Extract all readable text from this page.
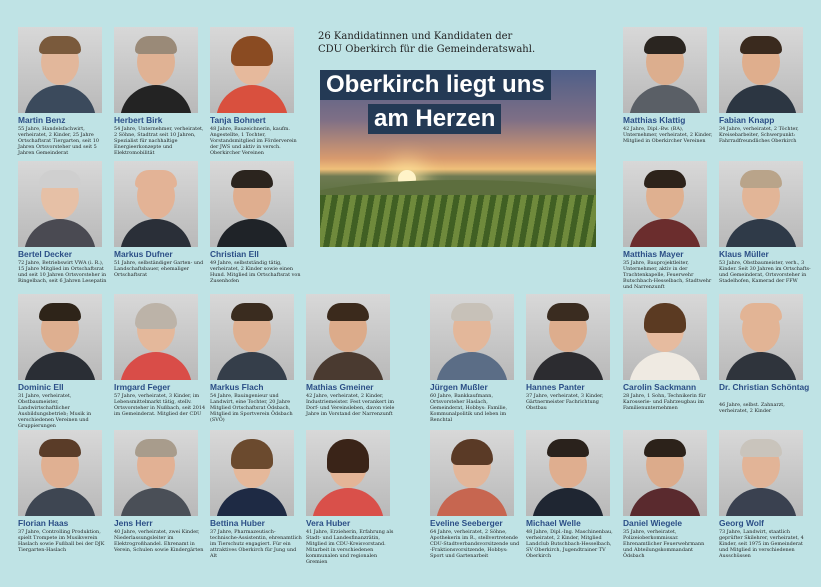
26 Kandidatinnen und Kandidaten der
CDU Oberkirch für die Gemeinderatswahl.
Oberkirch liegt uns
am Herzen
Martin Benz
55 Jahre, Handelsfachwirt, verheiratet, 2 Kinder, 25 Jahre Ortschaftsrat Tiergarten, seit 10 Jahren Ortsvorsteher und seit 5 Jahren Gemeinderat
Herbert Birk
54 Jahre, Unternehmer, verheiratet, 2 Söhne, Stadtrat seit 10 Jahren, Spezialist für nachhaltige Energieerkonzepte und Elektromobilität
Tanja Bohnert
48 Jahre, Bauzeichnerin, kaufm. Angestellte, 1 Tochter, Vorstandsmitglied im Förderverein der JWS und aktiv in versch. Oberkircher Vereinen
Matthias Klattig
42 Jahre, Dipl.-Bw. (BA), Unternehmer, verheiratet, 2 Kinder, Mitglied in Oberkircher Vereinen
Fabian Knapp
34 Jahre, verheiratet, 2 Töchter, Kreisebarbeiter, Schwerpunkt: Fahrradfreundliches Oberkirch
Bertel Decker
72 Jahre, Betriebswirt VWA (i. R.), 15 Jahre Mitglied im Ortschaftsrat und seit 10 Jahren Ortsvorsteher in Ringelbach, seit 6 Jahren Lesepatin
Markus Dufner
51 Jahre, selbständiger Garten- und Landschaftsbauer, ehemaliger Ortschaftsrat
Christian Ell
49 Jahre, selbstständig tätig, verheiratet, 2 Kinder sowie einen Hund. Mitglied im Ortschaftsrat von Zusenhofen
Matthias Mayer
35 Jahre, Bauprojektleiter, Unternehmer, aktiv in der Trachtenkapelle, Feuerwehr Butschbach-Hesselbach, Stadtwehr und Narrenzunft
Klaus Müller
53 Jahre, Obstbaumeister, verh., 3 Kinder. Seit 30 Jahren im Ortschafts- und Gemeinderat, Ortsvorsteher in Stadelhofen, Kamerad der FFW
Dominic Ell
31 Jahre, verheiratet, Obstbaumeister, Landwirtschaftlicher Ausbildungsbetrieb; Musik in verschiedenen Vereinen und Gruppierungen
Irmgard Feger
57 Jahre, verheiratet, 3 Kinder, im Lebensmittelmarkt tätig, stellv. Ortsvorsteher in Nußbach, seit 2014 im Gemeinderat. Mitglied der CDU
Markus Flach
54 Jahre, Bauingenieur und Landwirt, eine Tochter, 20 Jahre Mitglied Ortschaftsrat Ödsbach, Mitglied im Sportverein Ödsbach (SVÖ)
Mathias Gmeiner
42 Jahre, verheiratet, 2 Kinder, Industriemeister. Fest verankert im Dorf- und Vereinsleben, davon viele Jahre im Vorstand der Narrenzunft
Jürgen Mußler
60 Jahre, Bankkaufmann, Ortsvorsteher Haslach, Gemeinderat, Hobbys: Familie, Kommunalpolitik und leben im Renchtal
Hannes Panter
37 Jahre, verheiratet, 3 Kinder, Gärtnermeister Fachrichtung Obstbau
Carolin Sackmann
28 Jahre, 1 Sohn, Technikerin für Karosserie- und Fahrzeugbau im Familienunternehmen
Dr. Christian Schöntag
46 Jahre, selbst. Zahnarzt, verheiratet, 2 Kinder
Florian Haas
37 Jahre, Controlling Produktion, spielt Trompete im Musikverein Haslach sowie Fußball bei der DJK Tiergarten-Haslach
Jens Herr
40 Jahre, verheiratet, zwei Kinder, Niederlassungsleiter im Elektrogroßhandel. Ehrenamt in Verein, Schulen sowie Kindergärten
Bettina Huber
37 Jahre, Pharmazeutisch-technische-Assistentin, ehrenamtlich im Tierschutz engagiert. Für ein attraktives Oberkirch für Jung und Alt
Vera Huber
41 Jahre, Erzieherin, Erfahrung als Stadt- und Landesfinanzrätin, Mitglied im CDU-Kreisvorstand. Mitarbeit in verschiedenen kommunalen und regionalen Gremien
Eveline Seeberger
64 Jahre, verheiratet, 2 Söhne, Apothekerin im R., stellvertretende CDU-Stadtverbandsvorsitzende und -Fraktionsvorsitzende, Hobbys: Sport und Gartenarbeit
Michael Welle
48 Jahre, Dipl.-Ing. Maschinenbau, verheiratet, 2 Kinder, Mitglied Landclub Butschbach-Hesselbach, SV Oberkirch, Jugendtrainer TV Oberkirch
Daniel Wiegele
35 Jahre, verheiratet, Polizeioberkommissar. Ehrenamtlicher Feuerwehrmann und Abteilungskommandant Ödsbach
Georg Wolf
73 Jahre, Landwirt, staatlich geprüfter Skilehrer, verheiratet, 4 Kinder, seit 1975 im Gemeinderat und Mitglied in verschiedenen Ausschüssen
